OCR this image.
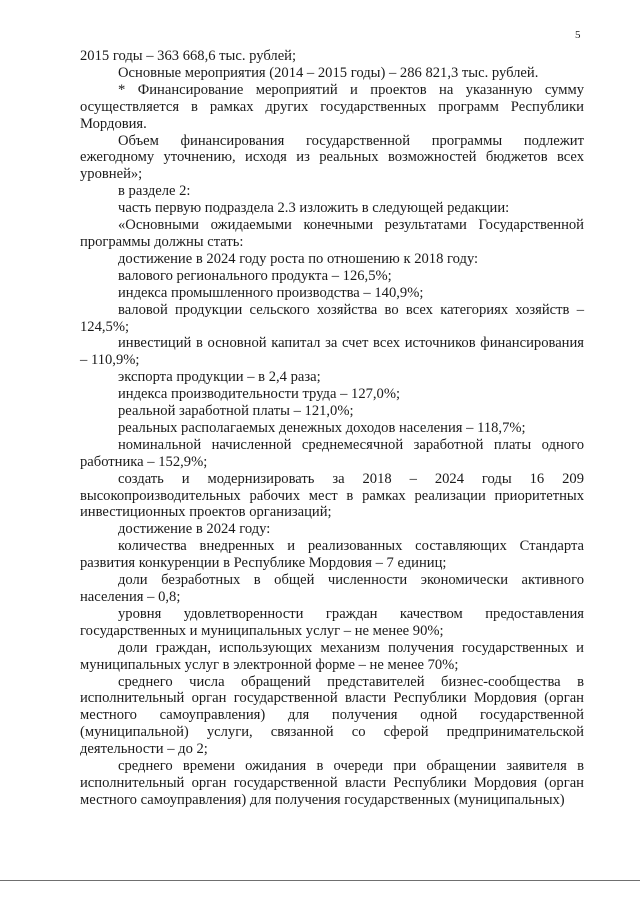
5

2015 годы – 363 668,6 тыс. рублей;

Основные мероприятия (2014 – 2015 годы) – 286 821,3 тыс. рублей.

* Финансирование мероприятий и проектов на указанную сумму осуществляется в рамках других государственных программ Республики Мордовия.

Объем финансирования государственной программы подлежит ежегодному уточнению, исходя из реальных возможностей бюджетов всех уровней»;

в разделе 2:

часть первую подраздела 2.3 изложить в следующей редакции:

«Основными ожидаемыми конечными результатами Государственной программы должны стать:

достижение в 2024 году роста по отношению к 2018 году:

валового регионального продукта – 126,5%;

индекса промышленного производства – 140,9%;

валовой продукции сельского хозяйства во всех категориях хозяйств – 124,5%;

инвестиций в основной капитал за счет всех источников финансирования – 110,9%;

экспорта продукции – в 2,4 раза;

индекса производительности труда – 127,0%;

реальной заработной платы – 121,0%;

реальных располагаемых денежных доходов населения – 118,7%;

номинальной начисленной среднемесячной заработной платы одного работника – 152,9%;

создать и модернизировать за 2018 – 2024 годы 16 209 высокопроизводительных рабочих мест в рамках реализации приоритетных инвестиционных проектов организаций;

достижение в 2024 году:

количества внедренных и реализованных составляющих Стандарта развития конкуренции в Республике Мордовия – 7 единиц;

доли безработных в общей численности экономически активного населения – 0,8;

уровня удовлетворенности граждан качеством предоставления государственных и муниципальных услуг – не менее 90%;

доли граждан, использующих механизм получения государственных и муниципальных услуг в электронной форме – не менее 70%;

среднего числа обращений представителей бизнес-сообщества в исполнительный орган государственной власти Республики Мордовия (орган местного самоуправления) для получения одной государственной (муниципальной) услуги, связанной со сферой предпринимательской деятельности – до 2;

среднего времени ожидания в очереди при обращении заявителя в исполнительный орган государственной власти Республики Мордовия (орган местного самоуправления) для получения государственных (муниципальных)
